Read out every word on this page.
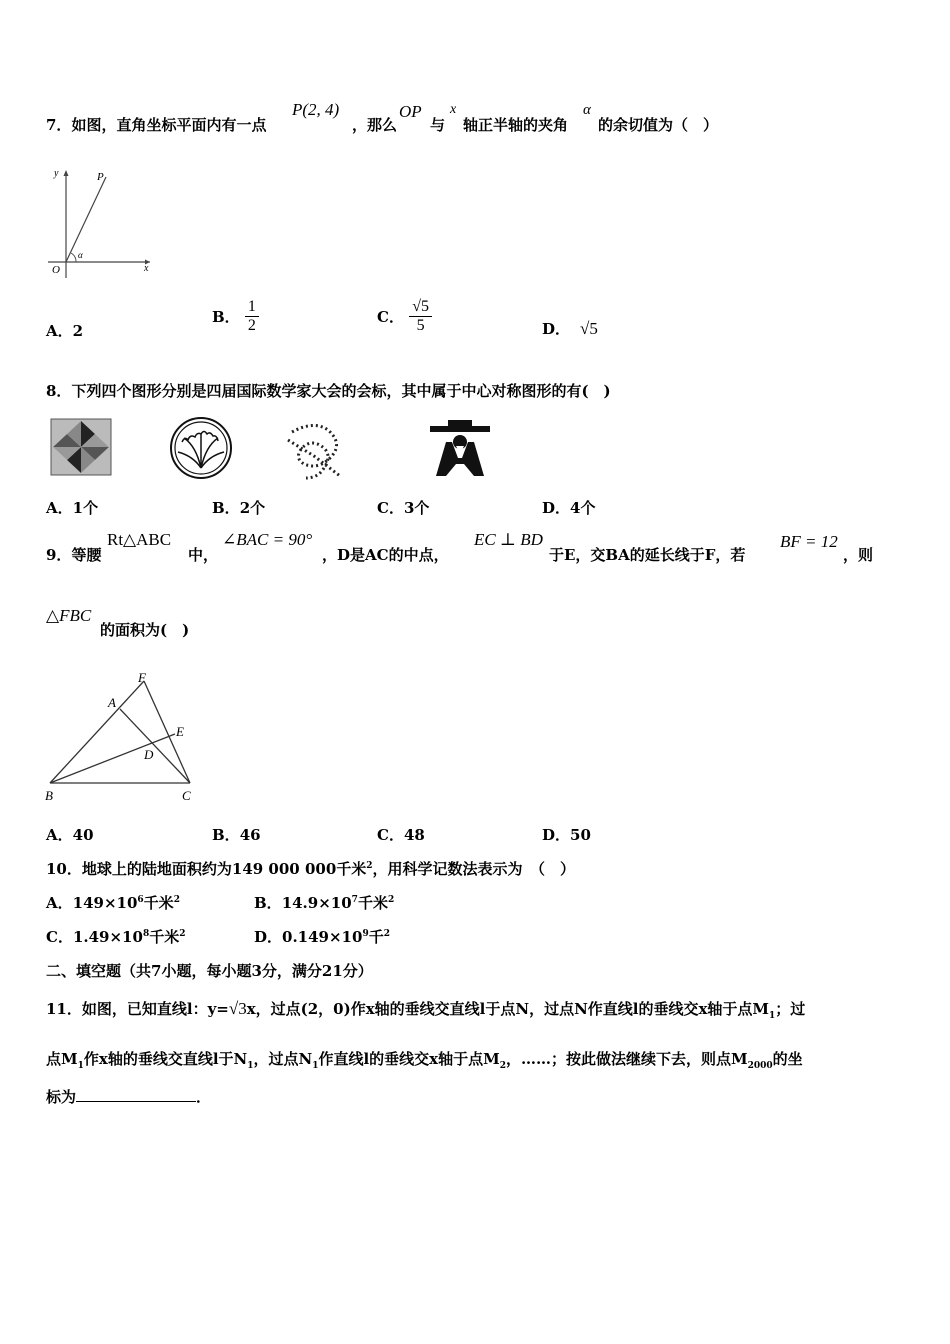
7．如图，直角坐标平面内有一点
P(2, 4)
，那么
OP
与
x
轴正半轴的夹角
α
的余切值为（　）
y
x
O
P
α
A．2
B． $\frac{1}{2}$	C． $\frac{√5}{5}$	D． √5
8．下列四个图形分别是四届国际数学家大会的会标，其中属于中心对称图形的有(　)
A．1个	B．2个	C．3个	D．4个
9．等腰
Rt△ABC
中，
∠BAC = 90°
，D是AC的中点，
EC ⊥ BD
于E，交BA的延长线于F，若
BF = 12
，则
△FBC
的面积为(　)
A
B	C
D
E
F
A．40	B．46	C．48	D．50
10．地球上的陆地面积约为149 000 000千米$^2$，用科学记数法表示为　（　）
A．$149\times 10^6$千米$^2$	B．$14.9\times 10^7$千米$^2$
C．$1.49\times 10^8$千米$^2$	D．$0.149\times 10^9$千$^2$
二、填空题（共7小题，每小题3分，满分21分）
11．如图，已知直线l：y=√3x，过点(2，0)作x轴的垂线交直线l于点N，过点N作直线l的垂线交x轴于点$M_1$；过
点$M_1$作x轴的垂线交直线l于$N_1$，过点$N_1$作直线l的垂线交x轴于点$M_2$，……；按此做法继续下去，则点$M_{2000}$的坐
标为	．
